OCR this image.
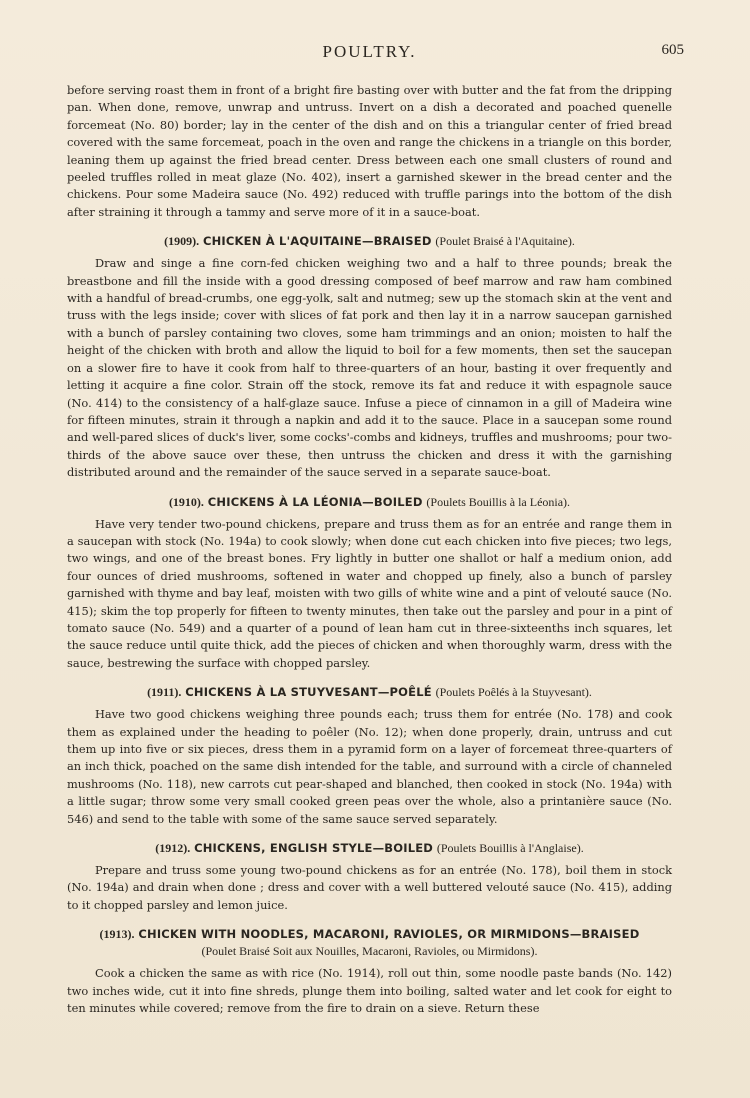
POULTRY.	605

before serving roast them in front of a bright fire basting over with butter and the fat from the dripping pan. When done, remove, unwrap and untruss. Invert on a dish a decorated and poached quenelle forcemeat (No. 80) border; lay in the center of the dish and on this a triangular center of fried bread covered with the same forcemeat, poach in the oven and range the chickens in a triangle on this border, leaning them up against the fried bread center. Dress between each one small clusters of round and peeled truffles rolled in meat glaze (No. 402), insert a garnished skewer in the bread center and the chickens. Pour some Madeira sauce (No. 492) reduced with truffle parings into the bottom of the dish after straining it through a tammy and serve more of it in a sauce-boat.

(1909). CHICKEN À L'AQUITAINE—BRAISED (Poulet Braisé à l'Aquitaine).

Draw and singe a fine corn-fed chicken weighing two and a half to three pounds; break the breastbone and fill the inside with a good dressing composed of beef marrow and raw ham combined with a handful of bread-crumbs, one egg-yolk, salt and nutmeg; sew up the stomach skin at the vent and truss with the legs inside; cover with slices of fat pork and then lay it in a narrow saucepan garnished with a bunch of parsley containing two cloves, some ham trimmings and an onion; moisten to half the height of the chicken with broth and allow the liquid to boil for a few moments, then set the saucepan on a slower fire to have it cook from half to three-quarters of an hour, basting it over frequently and letting it acquire a fine color. Strain off the stock, remove its fat and reduce it with espagnole sauce (No. 414) to the consistency of a half-glaze sauce. Infuse a piece of cinnamon in a gill of Madeira wine for fifteen minutes, strain it through a napkin and add it to the sauce. Place in a saucepan some round and well-pared slices of duck's liver, some cocks'-combs and kidneys, truffles and mushrooms; pour two-thirds of the above sauce over these, then untruss the chicken and dress it with the garnishing distributed around and the remainder of the sauce served in a separate sauce-boat.

(1910). CHICKENS À LA LÉONIA—BOILED (Poulets Bouillis à la Léonia).

Have very tender two-pound chickens, prepare and truss them as for an entrée and range them in a saucepan with stock (No. 194a) to cook slowly; when done cut each chicken into five pieces; two legs, two wings, and one of the breast bones. Fry lightly in butter one shallot or half a medium onion, add four ounces of dried mushrooms, softened in water and chopped up finely, also a bunch of parsley garnished with thyme and bay leaf, moisten with two gills of white wine and a pint of velouté sauce (No. 415); skim the top properly for fifteen to twenty minutes, then take out the parsley and pour in a pint of tomato sauce (No. 549) and a quarter of a pound of lean ham cut in three-sixteenths inch squares, let the sauce reduce until quite thick, add the pieces of chicken and when thoroughly warm, dress with the sauce, bestrewing the surface with chopped parsley.

(1911). CHICKENS À LA STUYVESANT—POÊLÉ (Poulets Poêlés à la Stuyvesant).

Have two good chickens weighing three pounds each; truss them for entrée (No. 178) and cook them as explained under the heading to poêler (No. 12); when done properly, drain, untruss and cut them up into five or six pieces, dress them in a pyramid form on a layer of forcemeat three-quarters of an inch thick, poached on the same dish intended for the table, and surround with a circle of channeled mushrooms (No. 118), new carrots cut pear-shaped and blanched, then cooked in stock (No. 194a) with a little sugar; throw some very small cooked green peas over the whole, also a printanière sauce (No. 546) and send to the table with some of the same sauce served separately.

(1912). CHICKENS, ENGLISH STYLE—BOILED (Poulets Bouillis à l'Anglaise).

Prepare and truss some young two-pound chickens as for an entrée (No. 178), boil them in stock (No. 194a) and drain when done ; dress and cover with a well buttered velouté sauce (No. 415), adding to it chopped parsley and lemon juice.

(1913). CHICKEN WITH NOODLES, MACARONI, RAVIOLES, OR MIRMIDONS—BRAISED
(Poulet Braisé Soit aux Nouilles, Macaroni, Ravioles, ou Mirmidons).

Cook a chicken the same as with rice (No. 1914), roll out thin, some noodle paste bands (No. 142) two inches wide, cut it into fine shreds, plunge them into boiling, salted water and let cook for eight to ten minutes while covered; remove from the fire to drain on a sieve. Return these
